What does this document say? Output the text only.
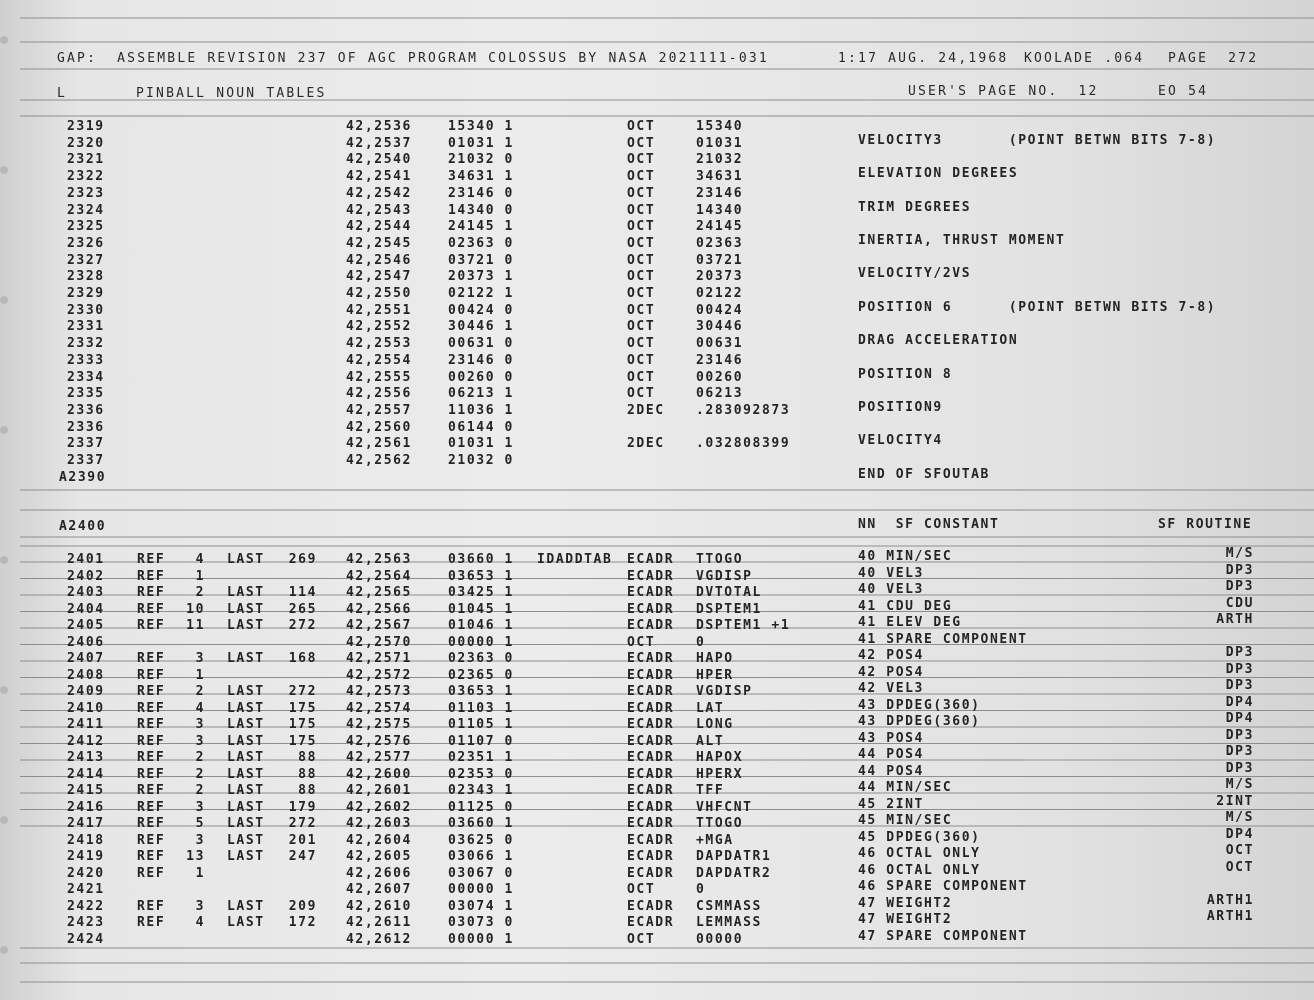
GAP:  ASSEMBLE REVISION 237 OF AGC PROGRAM COLOSSUS BY NASA 2021111-031	1:17 AUG. 24,1968 KOOLADE .064 PAGE  272
L	PINBALL NOUN TABLES	USER'S PAGE NO.  12	EO 54
2319	42,2536	15340 1	OCT	15340
2320	42,2537	01031 1	OCT	01031	VELOCITY3       (POINT BETWN BITS 7-8)
2321	42,2540	21032 0	OCT	21032
2322	42,2541	34631 1	OCT	34631	ELEVATION DEGREES
2323	42,2542	23146 0	OCT	23146
2324	42,2543	14340 0	OCT	14340	TRIM DEGREES
2325	42,2544	24145 1	OCT	24145
2326	42,2545	02363 0	OCT	02363	INERTIA, THRUST MOMENT
2327	42,2546	03721 0	OCT	03721
2328	42,2547	20373 1	OCT	20373	VELOCITY/2VS
2329	42,2550	02122 1	OCT	02122
2330	42,2551	00424 0	OCT	00424	POSITION 6      (POINT BETWN BITS 7-8)
2331	42,2552	30446 1	OCT	30446
2332	42,2553	00631 0	OCT	00631	DRAG ACCELERATION
2333	42,2554	23146 0	OCT	23146
2334	42,2555	00260 0	OCT	00260	POSITION 8
2335	42,2556	06213 1	OCT	06213
2336	42,2557	11036 1	2DEC .283092873	POSITION9
2336	42,2560	06144 0
2337	42,2561	01031 1	2DEC .032808399	VELOCITY4
2337	42,2562	21032 0
A2390	END OF SFOUTAB
A2400	NN  SF CONSTANT	SF ROUTINE
2401 REF 4 LAST 269 42,2563	03660 1 IDADDTAB ECADR TTOGO	40 MIN/SEC	M/S
2402 REF 1	42,2564	03653 1	ECADR VGDISP	40 VEL3	DP3
2403 REF 2 LAST 114 42,2565	03425 1	ECADR DVTOTAL	40 VEL3	DP3
2404 REF 10 LAST 265 42,2566	01045 1	ECADR DSPTEM1	41 CDU DEG	CDU
2405 REF 11 LAST 272 42,2567	01046 1	ECADR DSPTEM1 +1	41 ELEV DEG	ARTH
2406	42,2570	00000 1	OCT	0	41 SPARE COMPONENT
2407 REF 3 LAST 168 42,2571	02363 0	ECADR HAPO	42 POS4	DP3
2408 REF 1	42,2572	02365 0	ECADR HPER	42 POS4	DP3
2409 REF 2 LAST 272 42,2573	03653 1	ECADR VGDISP	42 VEL3	DP3
2410 REF 4 LAST 175 42,2574	01103 1	ECADR LAT	43 DPDEG(360)	DP4
2411 REF 3 LAST 175 42,2575	01105 1	ECADR LONG	43 DPDEG(360)	DP4
2412 REF 3 LAST 175 42,2576	01107 0	ECADR ALT	43 POS4	DP3
2413 REF 2 LAST	88 42,2577	02351 1	ECADR HAPOX	44 POS4	DP3
2414 REF 2 LAST	88 42,2600	02353 0	ECADR HPERX	44 POS4	DP3
2415 REF 2 LAST	88 42,2601	02343 1	ECADR TFF	44 MIN/SEC	M/S
2416 REF 3 LAST 179 42,2602	01125 0	ECADR VHFCNT	45 2INT	2INT
2417 REF 5 LAST 272 42,2603	03660 1	ECADR TTOGO	45 MIN/SEC	M/S
2418 REF 3 LAST 201 42,2604	03625 0	ECADR +MGA	45 DPDEG(360)	DP4
2419 REF 13 LAST 247 42,2605	03066 1	ECADR DAPDATR1	46 OCTAL ONLY	OCT
2420 REF 1	42,2606	03067 0	ECADR DAPDATR2	46 OCTAL ONLY	OCT
2421	42,2607	00000 1	OCT	0	46 SPARE COMPONENT
2422 REF 3 LAST 209 42,2610	03074 1	ECADR CSMMASS	47 WEIGHT2	ARTH1
2423 REF 4 LAST 172 42,2611	03073 0	ECADR LEMMASS	47 WEIGHT2	ARTH1
2424	42,2612	00000 1	OCT	00000	47 SPARE COMPONENT
